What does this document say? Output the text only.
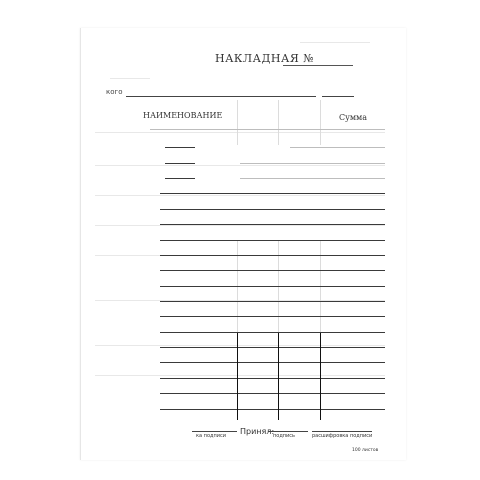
НАКЛАДНАЯ №
кого
НАИМЕНОВАНИЕ	Сумма
ка подписи Принял:
подпись	расшифровка подписи
100 листов
